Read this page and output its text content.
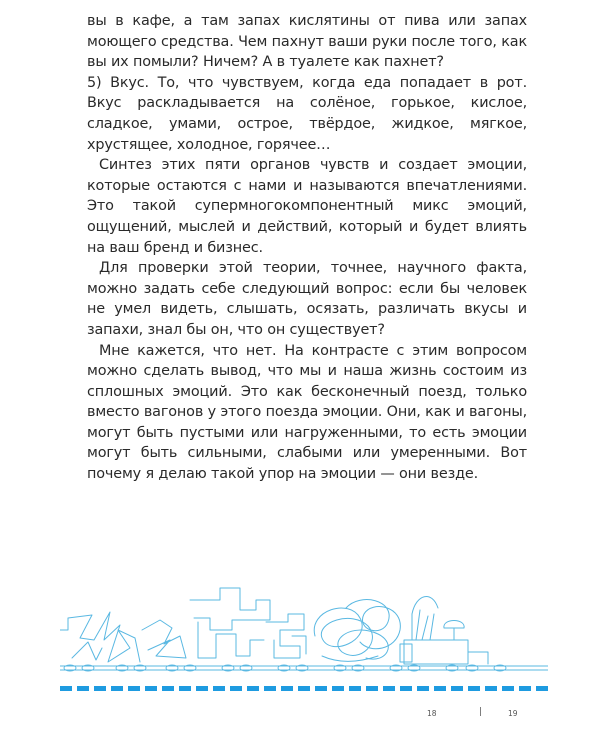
вы в кафе, а там запах кислятины от пива или запах моющего средства. Чем пахнут ваши руки после того, как вы их помыли? Ничем? А в туалете как пахнет?

5) Вкус. То, что чувствуем, когда еда попадает в рот. Вкус раскладывается на солёное, горькое, кислое, сладкое, умами, острое, твёрдое, жидкое, мягкое, хрустящее, холодное, горячее…

Синтез этих пяти органов чувств и создает эмоции, которые остаются с нами и называются впечатлениями. Это такой супермногокомпонентный микс эмоций, ощущений, мыслей и действий, который и будет влиять на ваш бренд и бизнес.

Для проверки этой теории, точнее, научного факта, можно задать себе следующий вопрос: если бы человек не умел видеть, слышать, осязать, различать вкусы и запахи, знал бы он, что он существует?

Мне кажется, что нет. На контрасте с этим вопросом можно сделать вывод, что мы и наша жизнь состоим из сплошных эмоций. Это как бесконечный поезд, только вместо вагонов у этого поезда эмоции. Они, как и вагоны, могут быть пустыми или нагруженными, то есть эмоции могут быть сильными, слабыми или умеренными. Вот почему я делаю такой упор на эмоции — они везде.

18	|	19
